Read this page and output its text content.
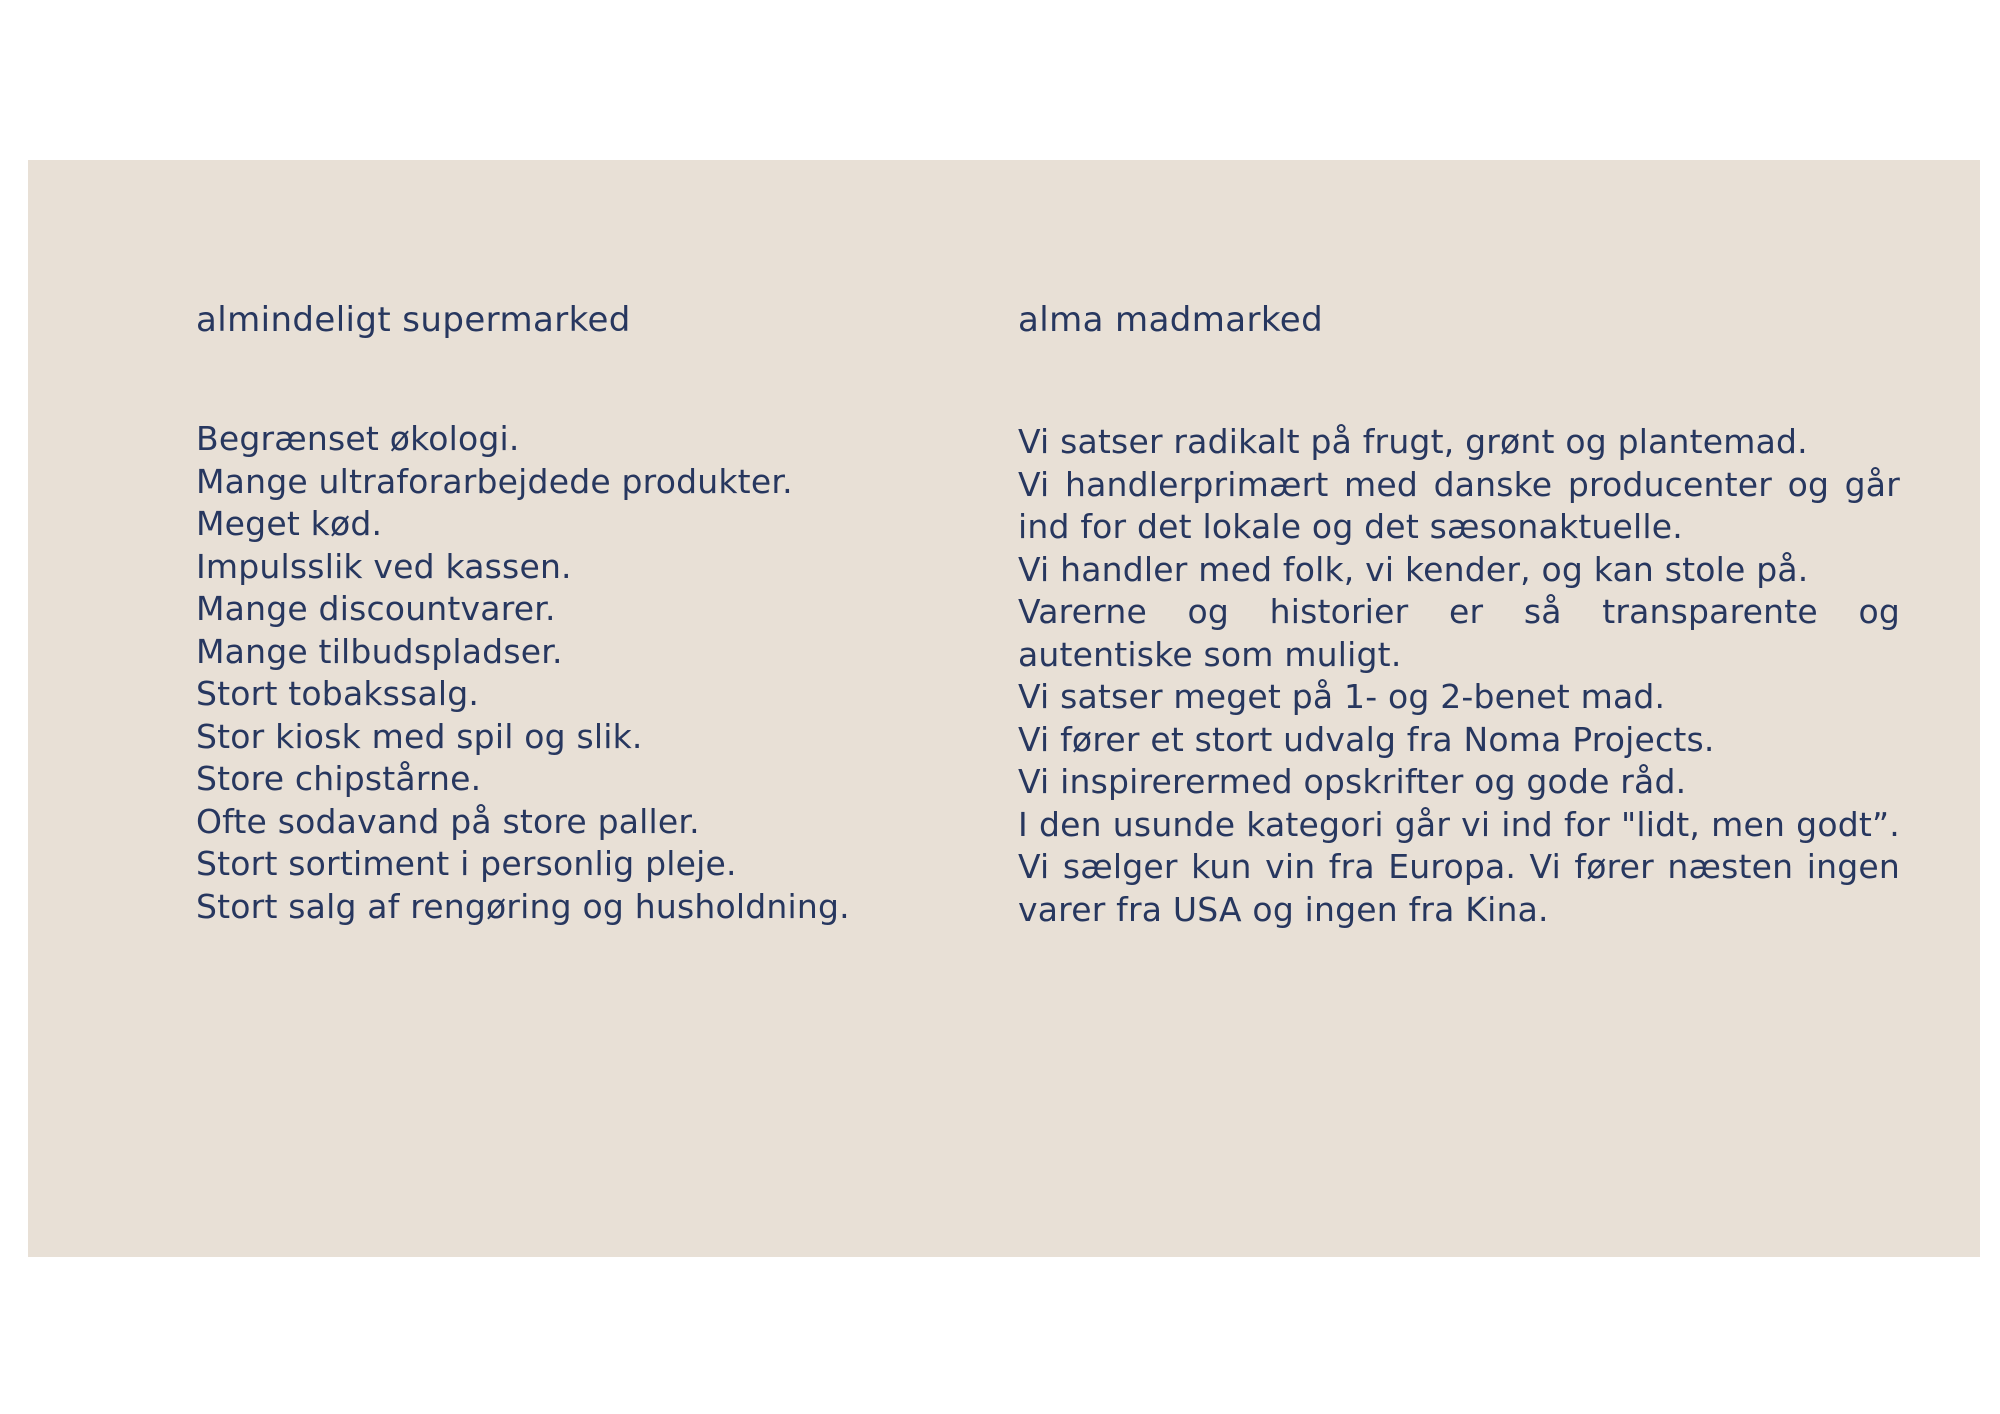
almindeligt supermarked
Begrænset økologi.
Mange ultraforarbejdede produkter.
Meget kød.
Impulsslik ved kassen.
Mange discountvarer.
Mange tilbudspladser.
Stort tobakssalg.
Stor kiosk med spil og slik.
Store chipstårne.
Ofte sodavand på store paller.
Stort sortiment i personlig pleje.
Stort salg af rengøring og husholdning.
alma madmarked
Vi satser radikalt på frugt, grønt og plantemad.
Vi handlerprimært med danske producenter og går ind for det lokale og det sæsonaktuelle.
Vi handler med folk, vi kender, og kan stole på.
Varerne og historier er så transparente og autentiske som muligt.
Vi satser meget på 1- og 2-benet mad.
Vi fører et stort udvalg fra Noma Projects.
Vi inspirerermed opskrifter og gode råd.
I den usunde kategori går vi ind for "lidt, men godt”. Vi sælger kun vin fra Europa. Vi fører næsten ingen varer fra USA og ingen fra Kina.
